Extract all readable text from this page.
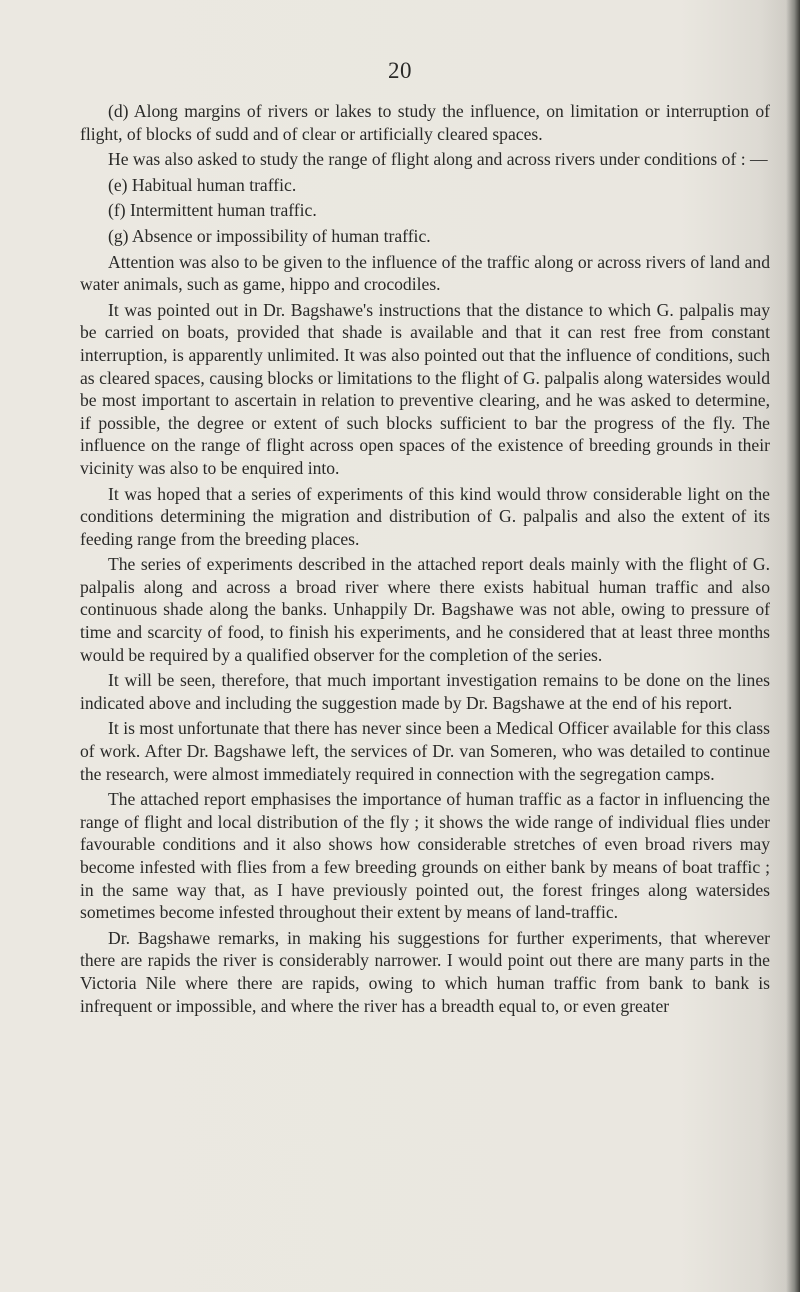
20

(d) Along margins of rivers or lakes to study the influence, on limitation or interruption of flight, of blocks of sudd and of clear or artificially cleared spaces.

He was also asked to study the range of flight along and across rivers under conditions of : —

(e) Habitual human traffic.

(f) Intermittent human traffic.

(g) Absence or impossibility of human traffic.

Attention was also to be given to the influence of the traffic along or across rivers of land and water animals, such as game, hippo and crocodiles.

It was pointed out in Dr. Bagshawe's instructions that the distance to which G. palpalis may be carried on boats, provided that shade is available and that it can rest free from constant interruption, is apparently unlimited. It was also pointed out that the influence of conditions, such as cleared spaces, causing blocks or limitations to the flight of G. palpalis along watersides would be most important to ascertain in relation to preventive clearing, and he was asked to determine, if possible, the degree or extent of such blocks sufficient to bar the progress of the fly. The influence on the range of flight across open spaces of the existence of breeding grounds in their vicinity was also to be enquired into.

It was hoped that a series of experiments of this kind would throw considerable light on the conditions determining the migration and distribution of G. palpalis and also the extent of its feeding range from the breeding places.

The series of experiments described in the attached report deals mainly with the flight of G. palpalis along and across a broad river where there exists habitual human traffic and also continuous shade along the banks. Unhappily Dr. Bagshawe was not able, owing to pressure of time and scarcity of food, to finish his experiments, and he considered that at least three months would be required by a qualified observer for the completion of the series.

It will be seen, therefore, that much important investigation remains to be done on the lines indicated above and including the suggestion made by Dr. Bagshawe at the end of his report.

It is most unfortunate that there has never since been a Medical Officer available for this class of work. After Dr. Bagshawe left, the services of Dr. van Someren, who was detailed to continue the research, were almost immediately required in connection with the segregation camps.

The attached report emphasises the importance of human traffic as a factor in influencing the range of flight and local distribution of the fly ; it shows the wide range of individual flies under favourable conditions and it also shows how considerable stretches of even broad rivers may become infested with flies from a few breeding grounds on either bank by means of boat traffic ; in the same way that, as I have previously pointed out, the forest fringes along watersides sometimes become infested throughout their extent by means of land-traffic.

Dr. Bagshawe remarks, in making his suggestions for further experiments, that wherever there are rapids the river is considerably narrower. I would point out there are many parts in the Victoria Nile where there are rapids, owing to which human traffic from bank to bank is infrequent or impossible, and where the river has a breadth equal to, or even greater
